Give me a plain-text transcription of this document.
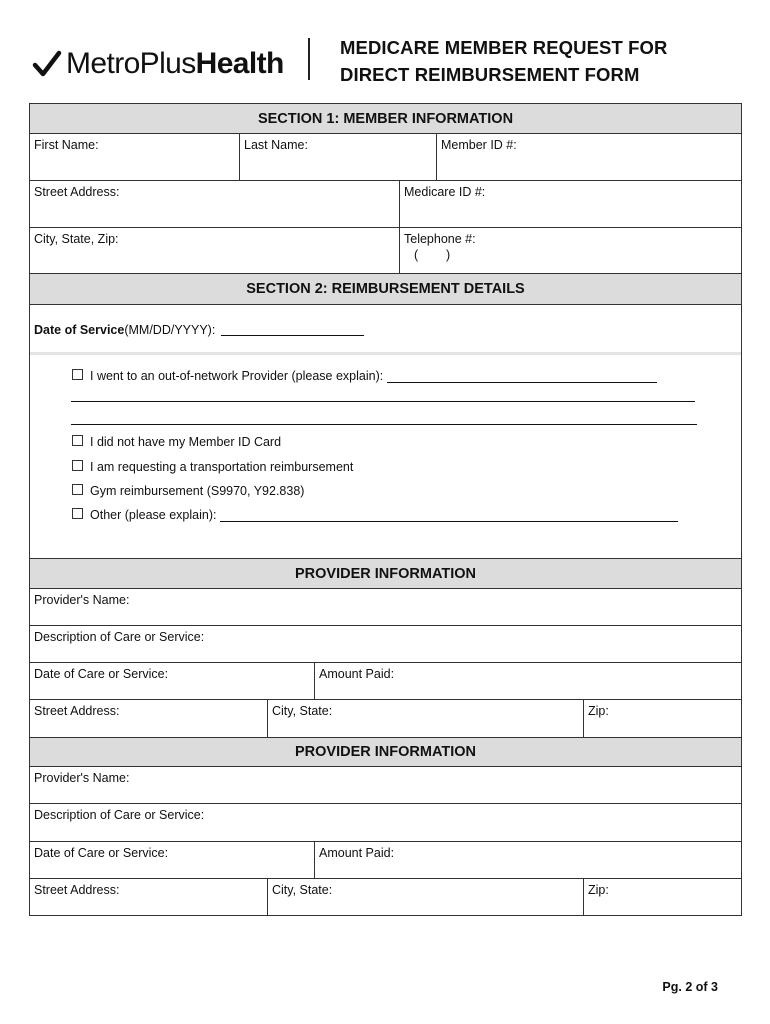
MetroPlusHealth	MEDICARE MEMBER REQUEST FOR
DIRECT REIMBURSEMENT FORM
SECTION 1: MEMBER INFORMATION
First Name:	Last Name:	Member ID #:
Street Address:	Medicare ID #:
City, State, Zip:	Telephone #:
(        )
SECTION 2: REIMBURSEMENT DETAILS
Date of Service(MM/DD/YYYY):
I went to an out-of-network Provider (please explain):
I did not have my Member ID Card
I am requesting a transportation reimbursement
Gym reimbursement (S9970, Y92.838)
Other (please explain):
PROVIDER INFORMATION
Provider's Name:
Description of Care or Service:
Date of Care or Service:	Amount Paid:
Street Address:	City, State:	Zip:
PROVIDER INFORMATION
Provider's Name:
Description of Care or Service:
Date of Care or Service:	Amount Paid:
Street Address:	City, State:	Zip:
Pg. 2 of 3
